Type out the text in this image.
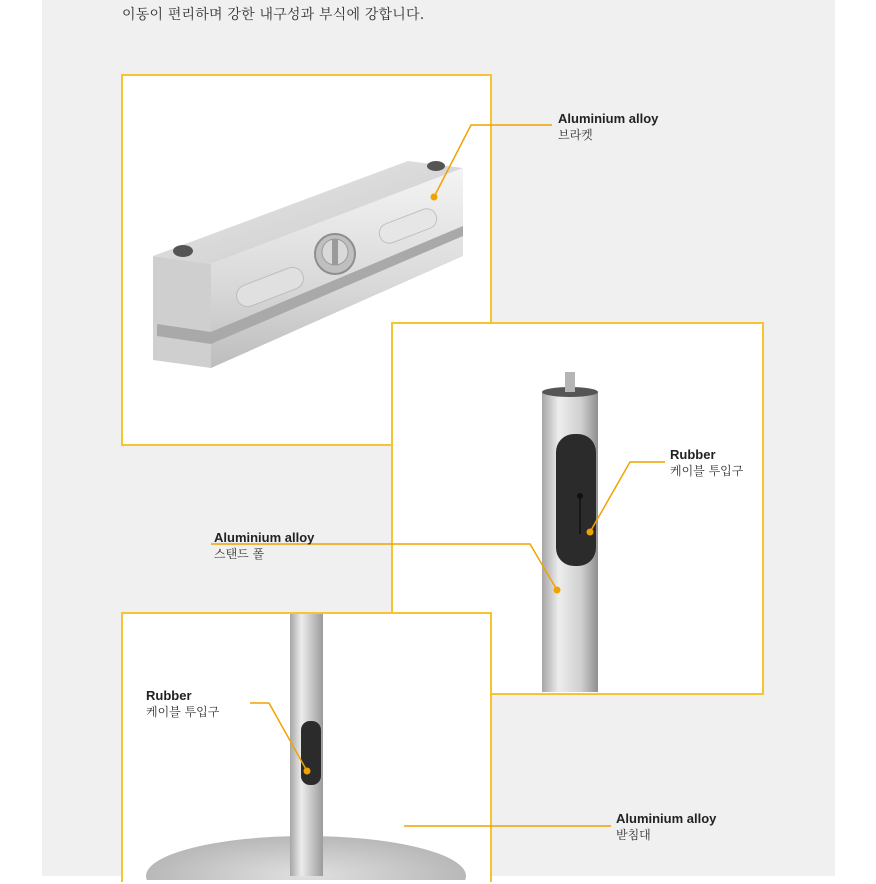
이동이 편리하며 강한 내구성과 부식에 강합니다.
Aluminium alloy
브라켓
Rubber
케이블 투입구
Aluminium alloy
스탠드 폴
Rubber
케이블 투입구
Aluminium alloy
받침대
